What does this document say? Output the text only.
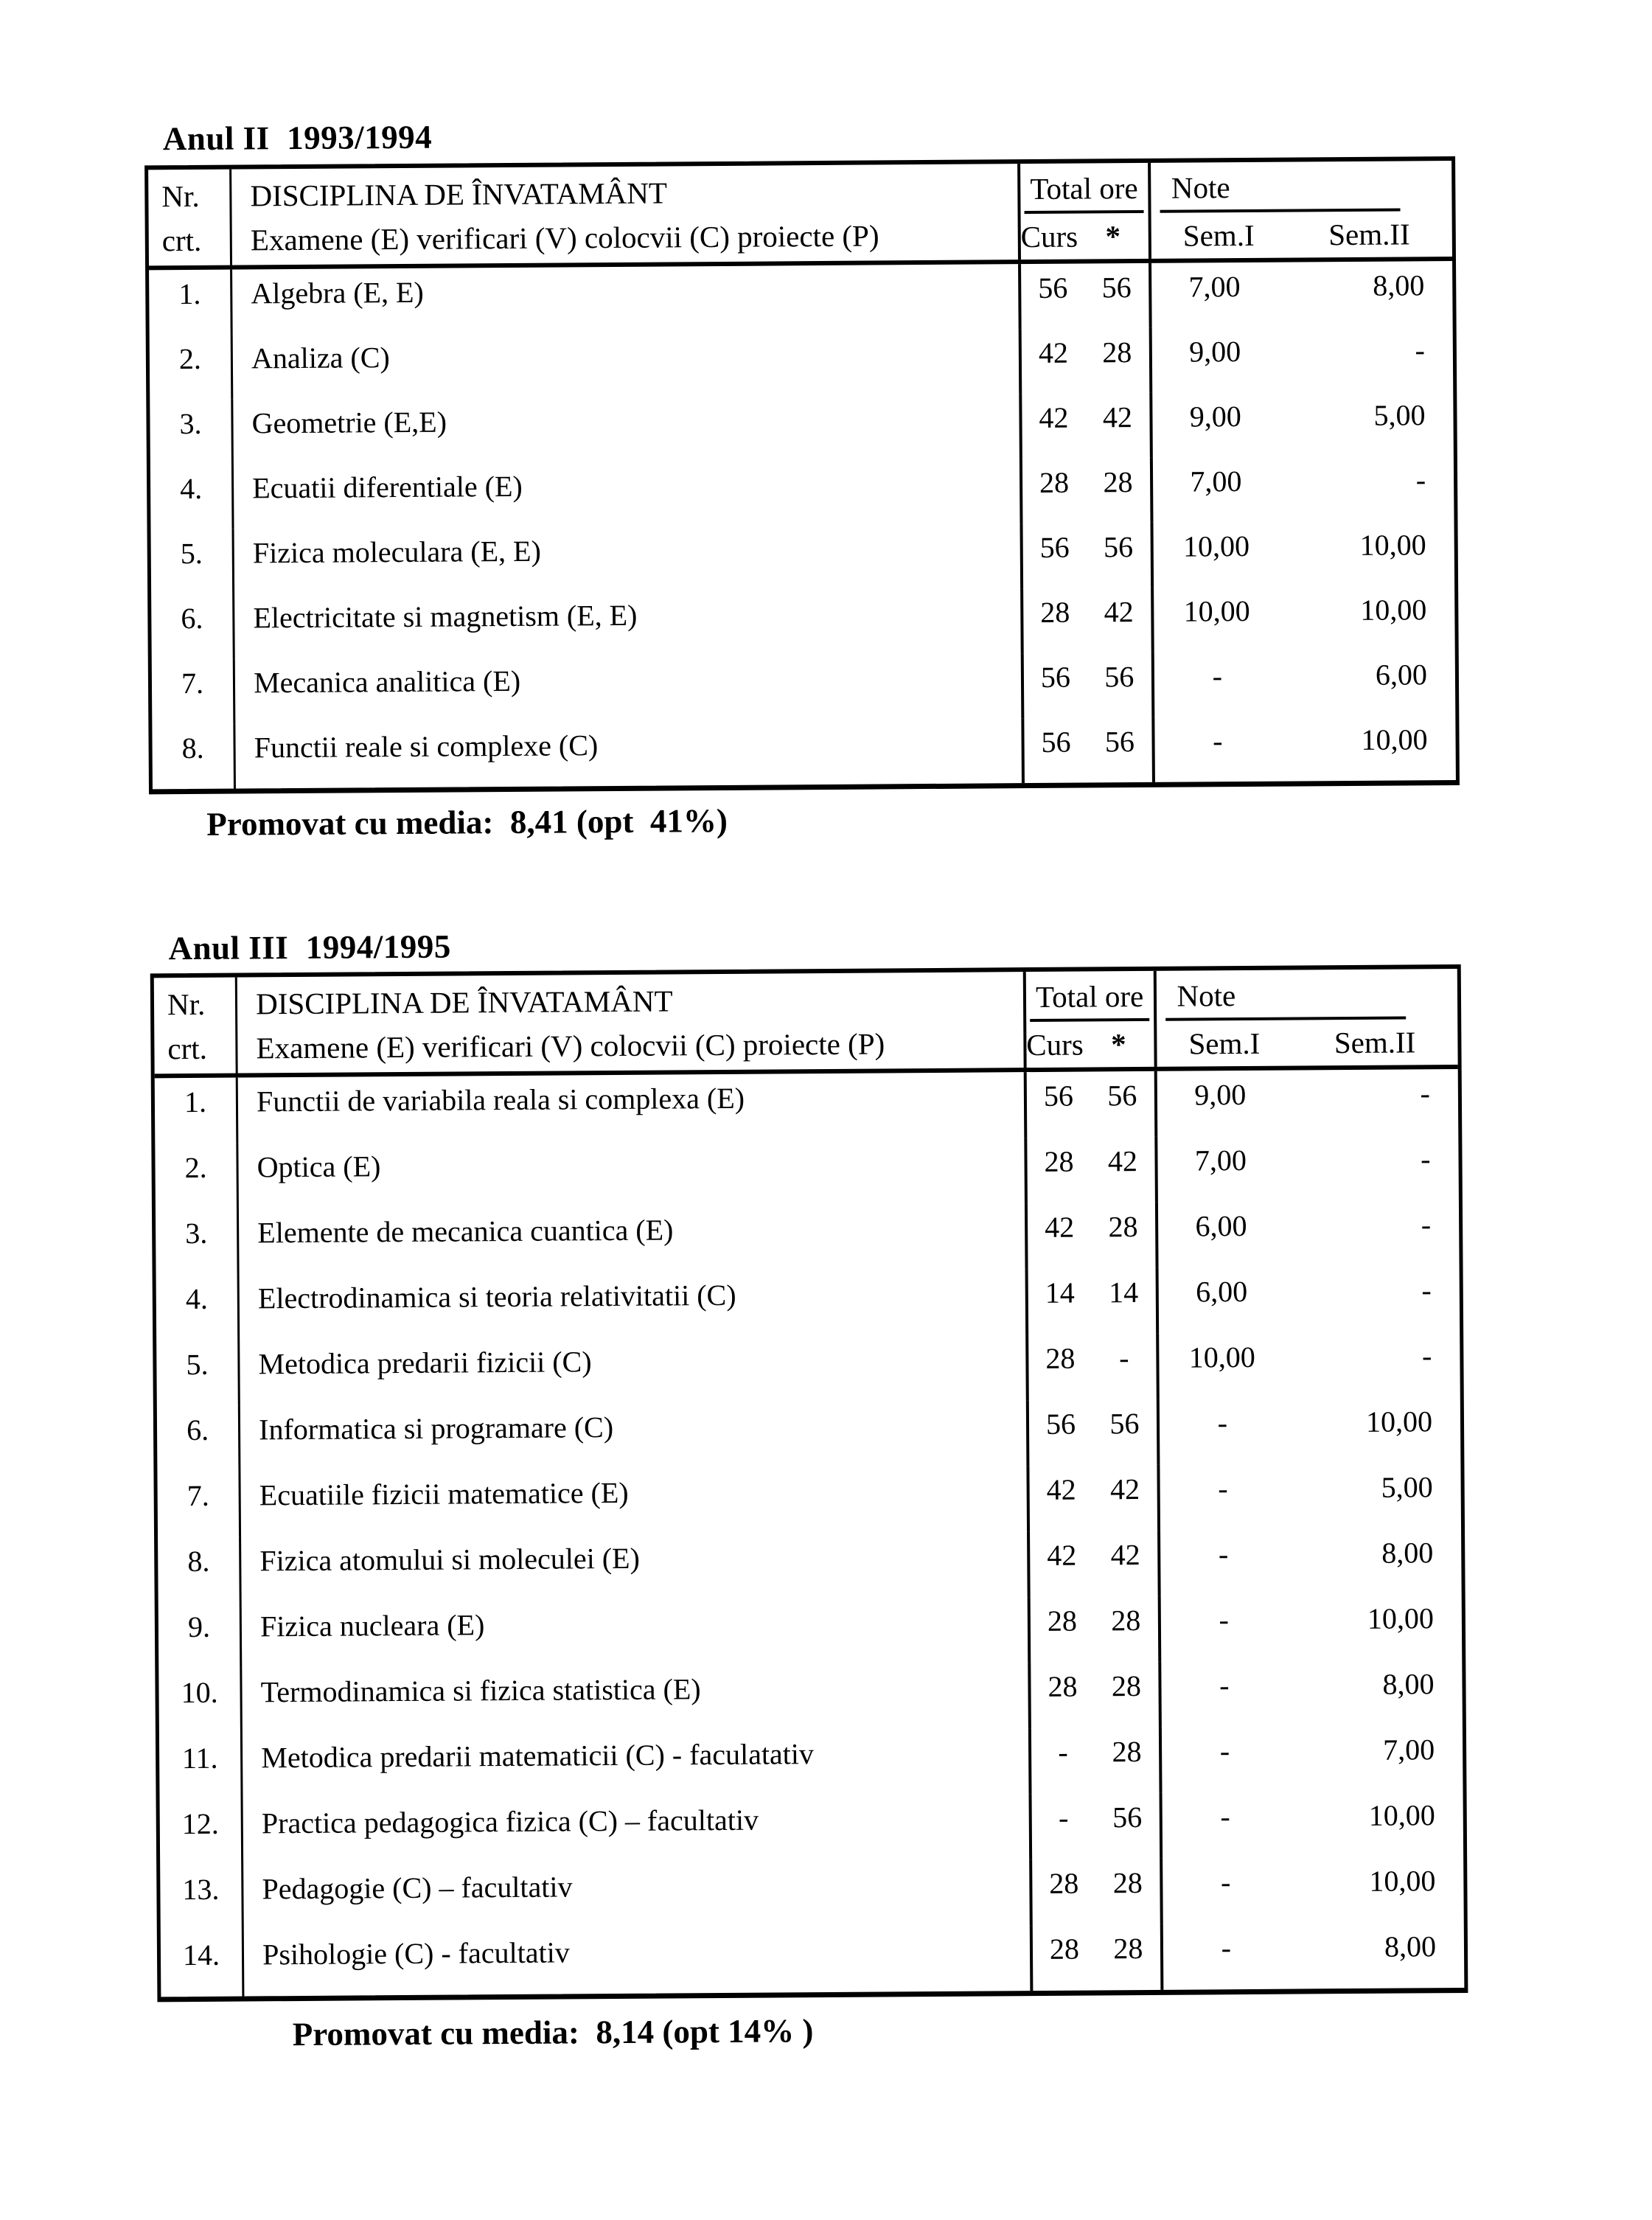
Anul II  1993/1994
Nr.
crt.
DISCIPLINA DE ÎNVATAMÂNT
Examene (E) verificari (V) colocvii (C) proiecte (P)
Total ore
Curs *
Note
Sem.I	Sem.II
1.	Algebra (E, E)	56	56	7,00	8,00
2.	Analiza (C)	42	28	9,00	-
3.	Geometrie (E,E)	42	42	9,00	5,00
4.	Ecuatii diferentiale (E)	28	28	7,00	-
5.	Fizica moleculara (E, E)	56	56	10,00	10,00
6.	Electricitate si magnetism (E, E)	28	42	10,00	10,00
7.	Mecanica analitica (E)	56	56	-	6,00
8.	Functii reale si complexe (C)	56	56	-	10,00

Promovat cu media:  8,41 (opt  41%)

Anul III  1994/1995
Nr.
crt.
DISCIPLINA DE ÎNVATAMÂNT
Examene (E) verificari (V) colocvii (C) proiecte (P)
Total ore
Curs *
Note
Sem.I	Sem.II
1.	Functii de variabila reala si complexa (E)	56	56	9,00	-
2.	Optica (E)	28	42	7,00	-
3.	Elemente de mecanica cuantica (E)	42	28	6,00	-
4.	Electrodinamica si teoria relativitatii (C)	14	14	6,00	-
5.	Metodica predarii fizicii (C)	28	-	10,00	-
6.	Informatica si programare (C)	56	56	-	10,00
7.	Ecuatiile fizicii matematice (E)	42	42	-	5,00
8.	Fizica atomului si moleculei (E)	42	42	-	8,00
9.	Fizica nucleara (E)	28	28	-	10,00
10.	Termodinamica si fizica statistica (E)	28	28	-	8,00
11.	Metodica predarii matematicii (C) - faculatativ	-	28	-	7,00
12.	Practica pedagogica fizica (C) – facultativ	-	56	-	10,00
13.	Pedagogie (C) – facultativ	28	28	-	10,00
14.	Psihologie (C) - facultativ	28	28	-	8,00

Promovat cu media:  8,14 (opt 14% )
